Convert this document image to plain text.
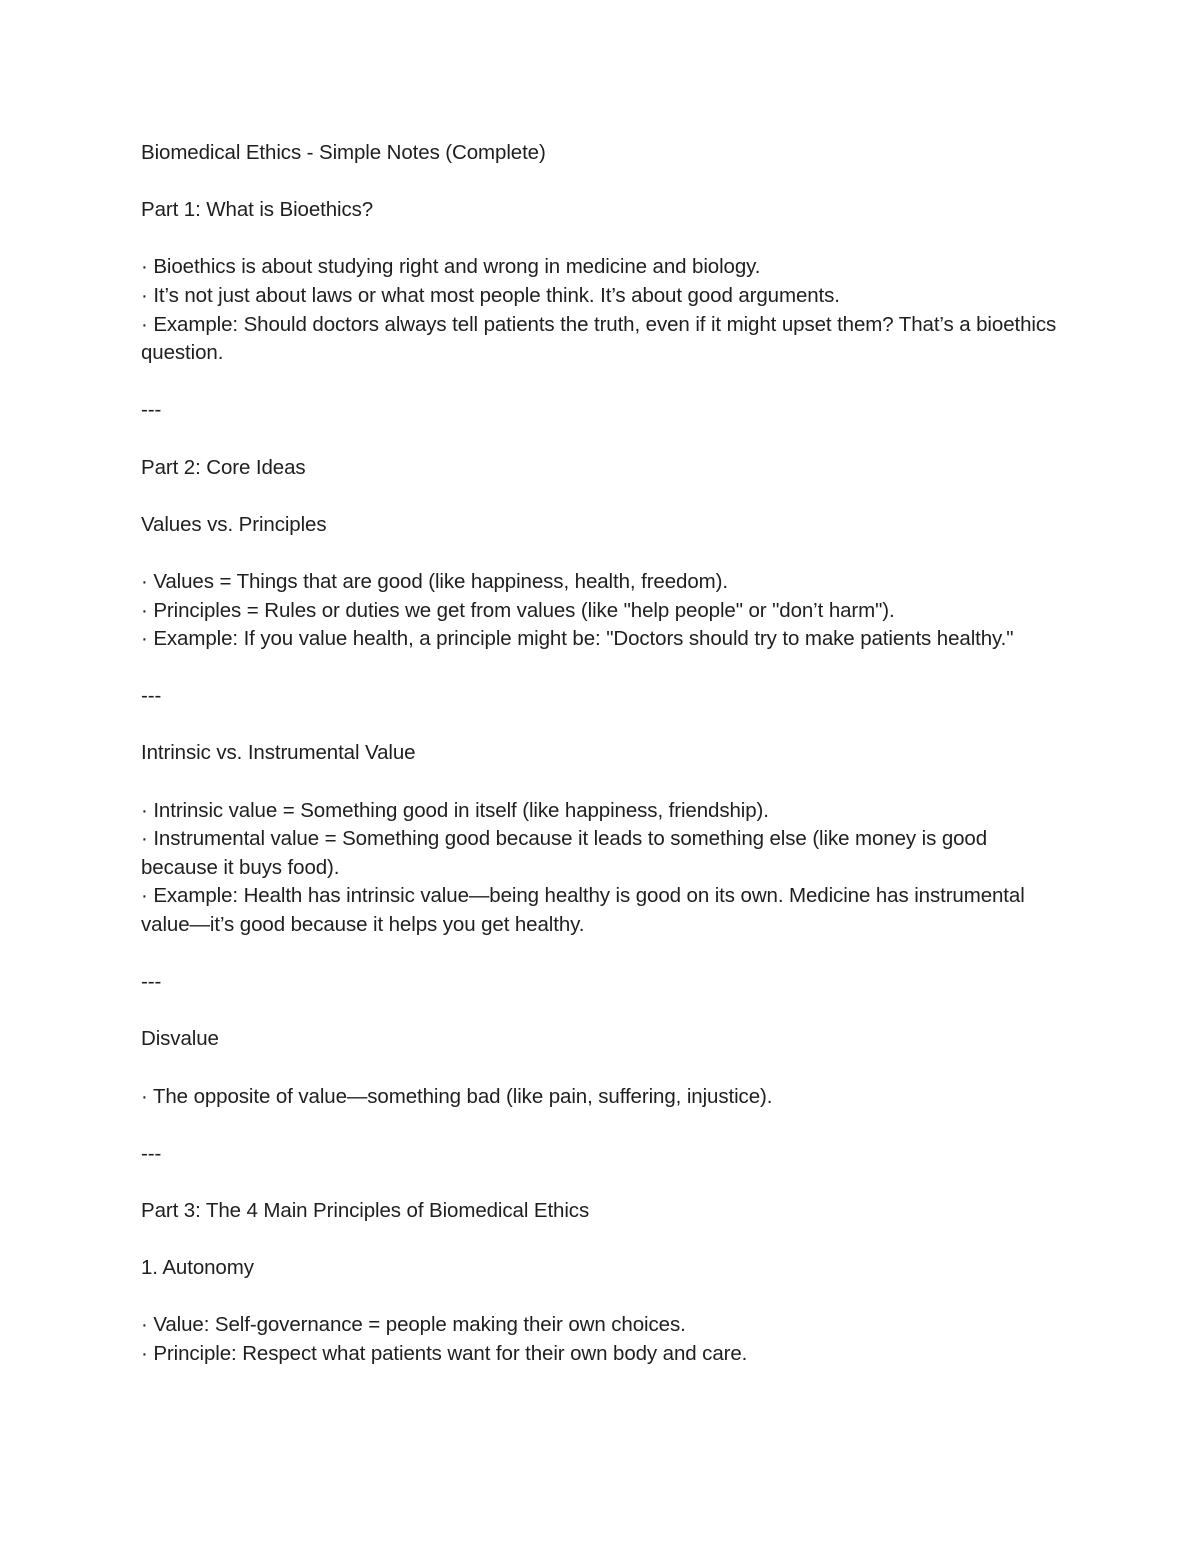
Biomedical Ethics - Simple Notes (Complete)

Part 1: What is Bioethics?

· Bioethics is about studying right and wrong in medicine and biology.

· It’s not just about laws or what most people think. It’s about good arguments.

· Example: Should doctors always tell patients the truth, even if it might upset them? That’s a bioethics question.

---

Part 2: Core Ideas

Values vs. Principles

· Values = Things that are good (like happiness, health, freedom).

· Principles = Rules or duties we get from values (like "help people" or "don’t harm").

· Example: If you value health, a principle might be: "Doctors should try to make patients healthy."

---

Intrinsic vs. Instrumental Value

· Intrinsic value = Something good in itself (like happiness, friendship).

· Instrumental value = Something good because it leads to something else (like money is good because it buys food).

· Example: Health has intrinsic value—being healthy is good on its own. Medicine has instrumental value—it’s good because it helps you get healthy.

---

Disvalue

· The opposite of value—something bad (like pain, suffering, injustice).

---

Part 3: The 4 Main Principles of Biomedical Ethics

1. Autonomy

· Value: Self-governance = people making their own choices.

· Principle: Respect what patients want for their own body and care.
